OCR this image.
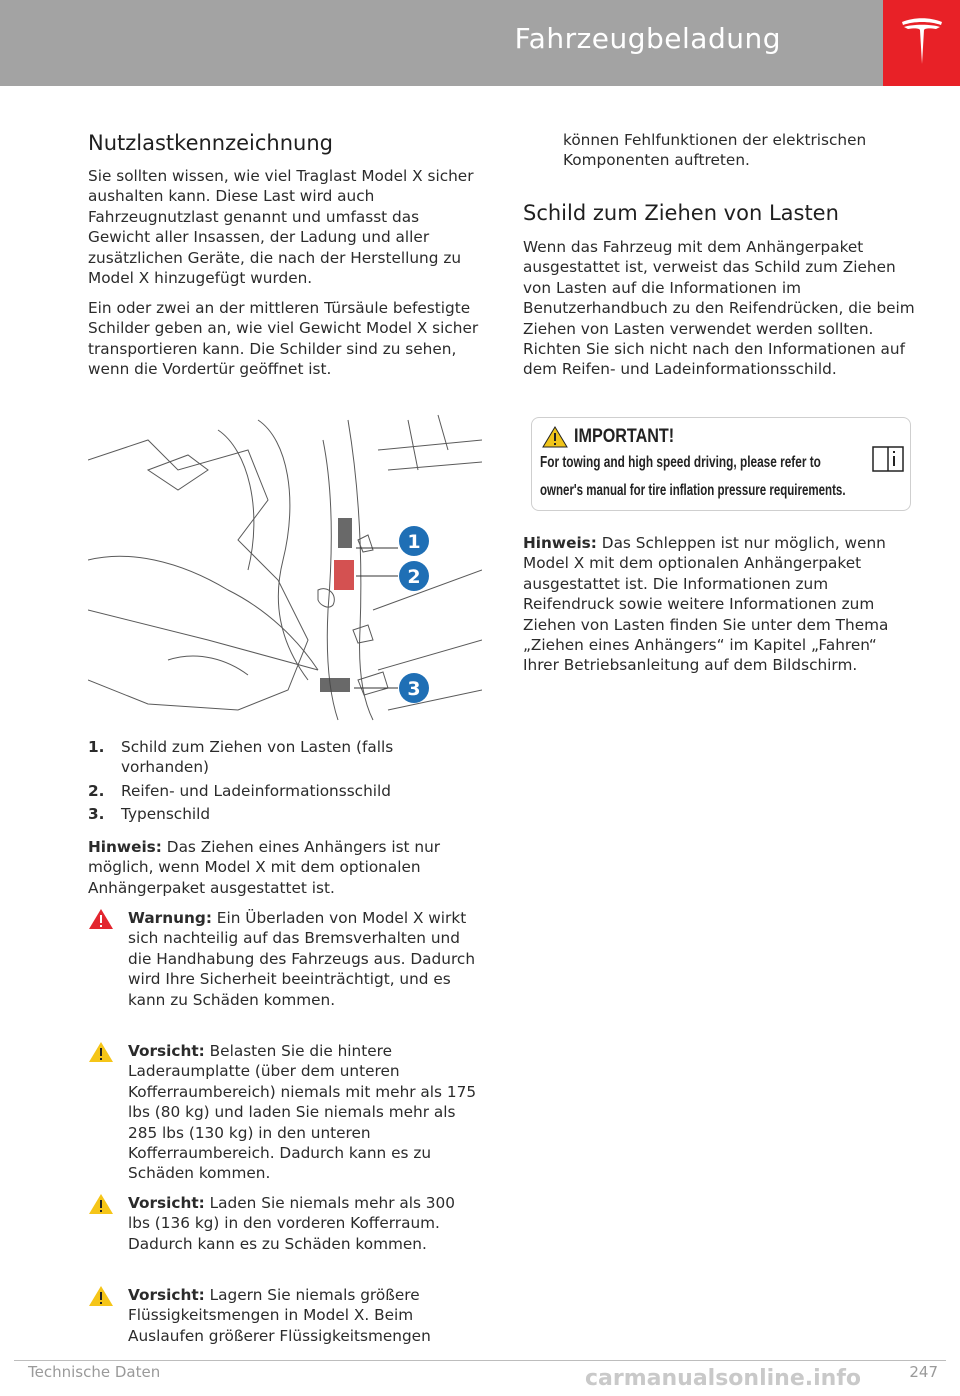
Fahrzeugbeladung
Nutzlastkennzeichnung

Sie sollten wissen, wie viel Traglast Model X sicher aushalten kann. Diese Last wird auch Fahrzeugnutzlast genannt und umfasst das Gewicht aller Insassen, der Ladung und aller zusätzlichen Geräte, die nach der Herstellung zu Model X hinzugefügt wurden.

Ein oder zwei an der mittleren Türsäule befestigte Schilder geben an, wie viel Gewicht Model X sicher transportieren kann. Die Schilder sind zu sehen, wenn die Vordertür geöffnet ist.

1
2
3
1.	Schild zum Ziehen von Lasten (falls vorhanden)
2.	Reifen- und Ladeinformationsschild
3.	Typenschild

Hinweis: Das Ziehen eines Anhängers ist nur möglich, wenn Model X mit dem optionalen Anhängerpaket ausgestattet ist.

Warnung: Ein Überladen von Model X wirkt sich nachteilig auf das Bremsverhalten und die Handhabung des Fahrzeugs aus. Dadurch wird Ihre Sicherheit beeinträchtigt, und es kann zu Schäden kommen.
Vorsicht: Belasten Sie die hintere Laderaumplatte (über dem unteren Kofferraumbereich) niemals mit mehr als 175 lbs (80 kg) und laden Sie niemals mehr als 285 lbs (130 kg) in den unteren Kofferraumbereich. Dadurch kann es zu Schäden kommen.
Vorsicht: Laden Sie niemals mehr als 300 lbs (136 kg) in den vorderen Kofferraum. Dadurch kann es zu Schäden kommen.
Vorsicht: Lagern Sie niemals größere Flüssigkeitsmengen in Model X. Beim Auslaufen größerer Flüssigkeitsmengen

können Fehlfunktionen der elektrischen Komponenten auftreten.

Schild zum Ziehen von Lasten

Wenn das Fahrzeug mit dem Anhängerpaket ausgestattet ist, verweist das Schild zum Ziehen von Lasten auf die Informationen im Benutzerhandbuch zu den Reifendrücken, die beim Ziehen von Lasten verwendet werden sollten. Richten Sie sich nicht nach den Informationen auf dem Reifen- und Ladeinformationsschild.

IMPORTANT!
For towing and high speed driving, please refer to
owner's manual for tire inflation pressure requirements.

Hinweis: Das Schleppen ist nur möglich, wenn Model X mit dem optionalen Anhängerpaket ausgestattet ist. Die Informationen zum Reifendruck sowie weitere Informationen zum Ziehen von Lasten finden Sie unter dem Thema „Ziehen eines Anhängers“ im Kapitel „Fahren“ Ihrer Betriebsanleitung auf dem Bildschirm.

Technische Daten	247
carmanualsonline.info
